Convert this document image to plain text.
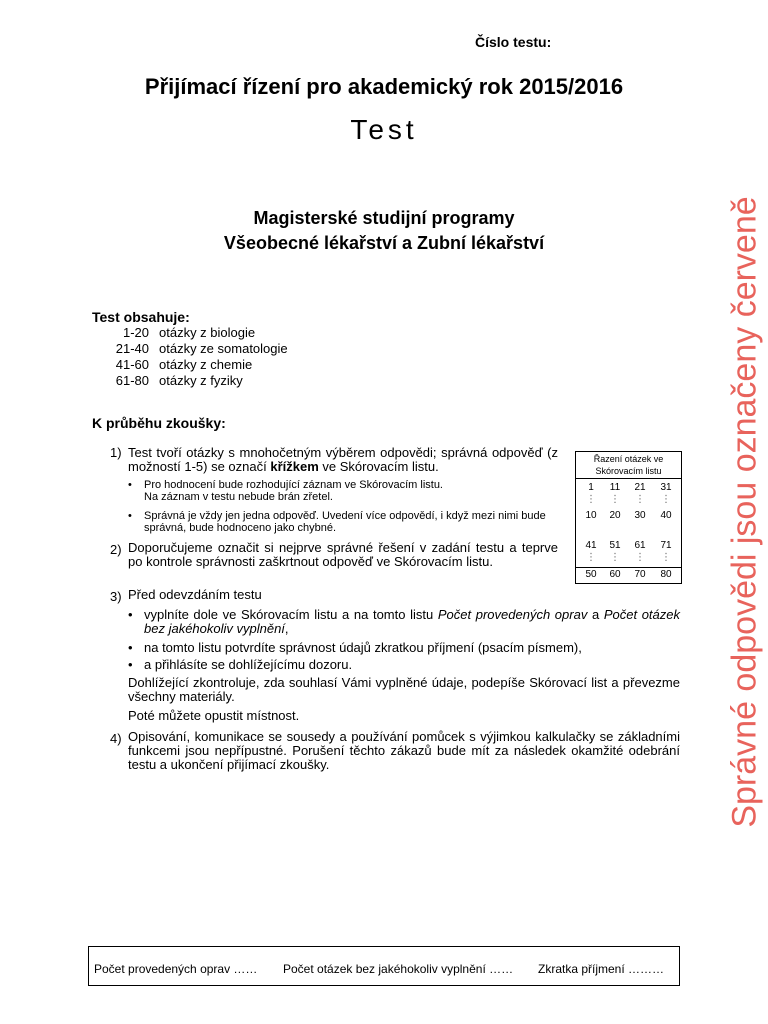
Číslo testu:
Přijímací řízení pro akademický rok 2015/2016
Test
Magisterské studijní programy
Všeobecné lékařství a Zubní lékařství
Test obsahuje:
1-20 otázky z biologie
21-40 otázky ze somatologie
41-60 otázky z chemie
61-80 otázky z fyziky
K průběhu zkoušky:
1) Test tvoří otázky s mnohočetným výběrem odpovědi; správná odpověď (z možností 1-5) se označí křížkem ve Skórovacím listu.
•	Pro hodnocení bude rozhodující záznam ve Skórovacím listu.
Na záznam v testu nebude brán zřetel.
•	Správná je vždy jen jedna odpověď. Uvedení více odpovědí, i když mezi nimi bude správná, bude hodnoceno jako chybné.
2) Doporučujeme označit si nejprve správné řešení v zadání testu a teprve po kontrole správnosti zaškrtnout odpověď ve Skórovacím listu.
3) Před odevzdáním testu
• vyplníte dole ve Skórovacím listu a na tomto listu Počet provedených oprav a Počet otázek bez jakéhokoliv vyplnění,
• na tomto listu potvrdíte správnost údajů zkratkou příjmení (psacím písmem),
• a přihlásíte se dohlížejícímu dozoru.
Dohlížející zkontroluje, zda souhlasí Vámi vyplněné údaje, podepíše Skórovací list a převezme všechny materiály.
Poté můžete opustit místnost.
4) Opisování, komunikace se sousedy a používání pomůcek s výjimkou kalkulačky se základními funkcemi jsou nepřípustné. Porušení těchto zákazů bude mít za následek okamžité odebrání testu a ukončení přijímací zkoušky.
Řazení otázek ve
Skórovacím listu
1	11	21	31
⋮	⋮	⋮	⋮
10	20	30	40
41	51	61	71
⋮	⋮	⋮	⋮
50	60	70	80 Správné odpovědi jsou označeny červeně
Počet provedených oprav …… Počet otázek bez jakéhokoliv vyplnění …… Zkratka příjmení ………
